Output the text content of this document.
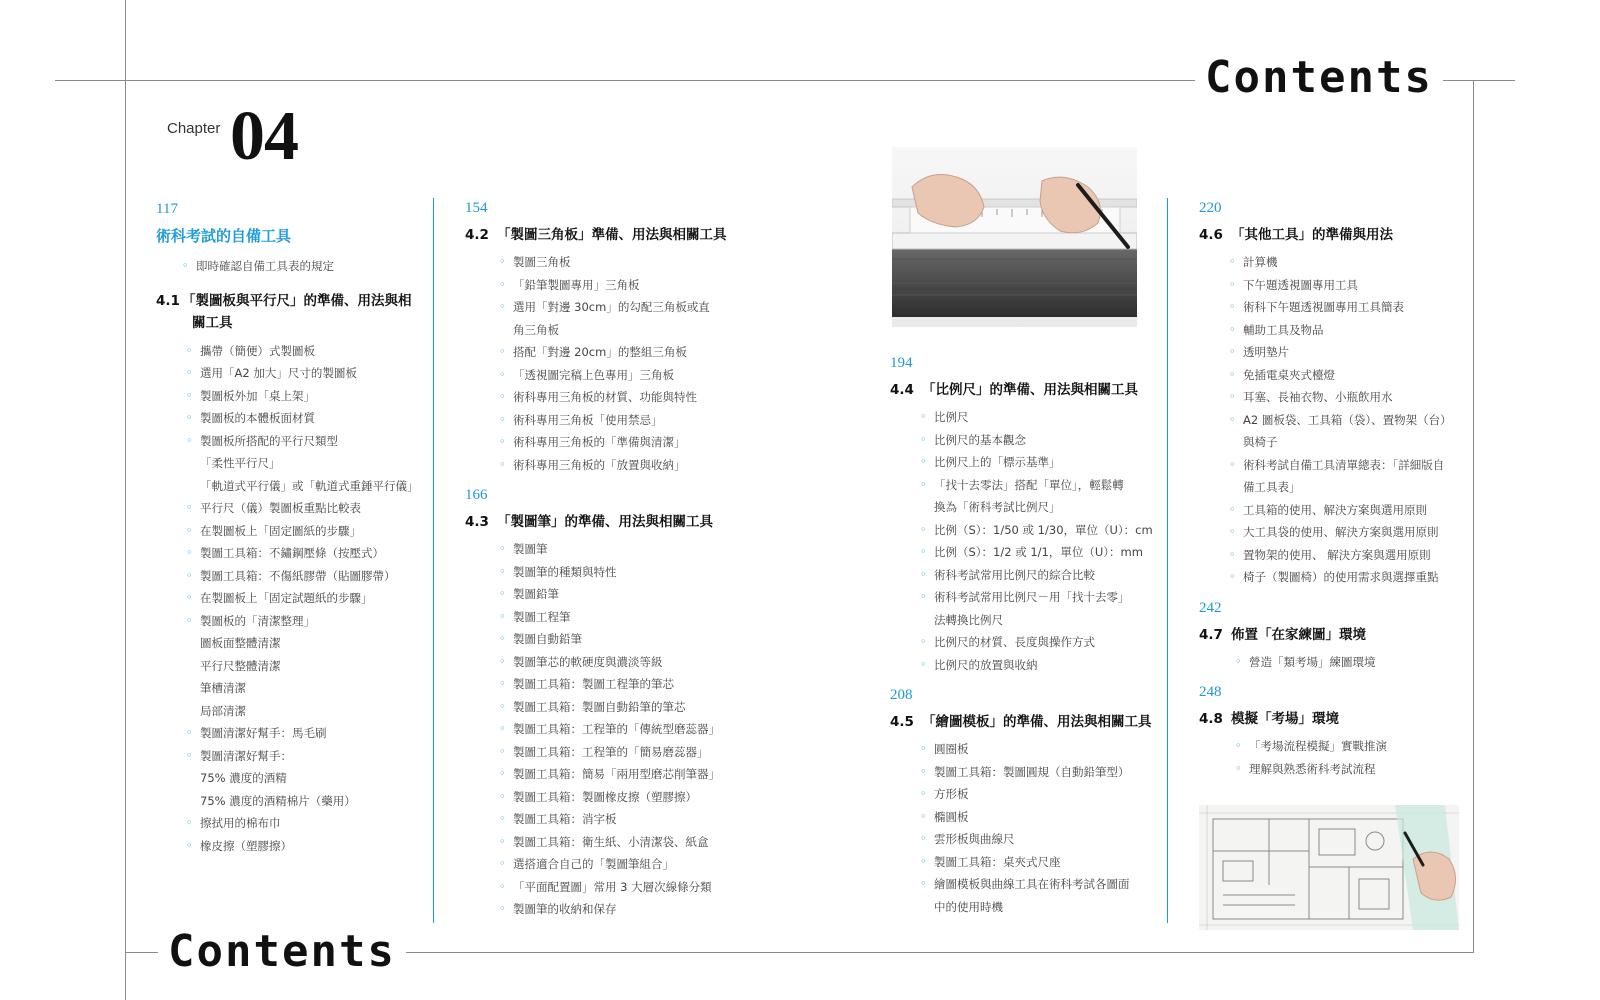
Contents
Contents
Chapter 04
117
術科考試的自備工具
◦ 即時確認自備工具表的規定
4.1 「製圖板與平行尺」的準備、用法與相
關工具
◦ 攜帶（簡便）式製圖板
◦ 選用「A2 加大」尺寸的製圖板
◦ 製圖板外加「桌上架」
◦ 製圖板的本體板面材質
◦ 製圖板所搭配的平行尺類型
「柔性平行尺」
「軌道式平行儀」或「軌道式重錘平行儀」
◦ 平行尺（儀）製圖板重點比較表
◦ 在製圖板上「固定圖紙的步驟」
◦ 製圖工具箱：不鏽鋼壓條（按壓式）
◦ 製圖工具箱：不傷紙膠帶（貼圖膠帶）
◦ 在製圖板上「固定試題紙的步驟」
◦ 製圖板的「清潔整理」
圖板面整體清潔
平行尺整體清潔
筆槽清潔
局部清潔
◦ 製圖清潔好幫手：馬毛刷
◦ 製圖清潔好幫手：
75% 濃度的酒精
75% 濃度的酒精棉片（藥用）
◦ 擦拭用的棉布巾
◦ 橡皮擦（塑膠擦）
154
4.2 「製圖三角板」準備、用法與相關工具
◦ 製圖三角板
◦ 「鉛筆製圖專用」三角板
◦ 選用「對邊 30cm」的勾配三角板或直
角三角板
◦ 搭配「對邊 20cm」的整組三角板
◦ 「透視圖完稿上色專用」三角板
◦ 術科專用三角板的材質、功能與特性
◦ 術科專用三角板「使用禁忌」
◦ 術科專用三角板的「準備與清潔」
◦ 術科專用三角板的「放置與收納」
166
4.3 「製圖筆」的準備、用法與相關工具
◦ 製圖筆
◦ 製圖筆的種類與特性
◦ 製圖鉛筆
◦ 製圖工程筆
◦ 製圖自動鉛筆
◦ 製圖筆芯的軟硬度與濃淡等級
◦ 製圖工具箱：製圖工程筆的筆芯
◦ 製圖工具箱：製圖自動鉛筆的筆芯
◦ 製圖工具箱：工程筆的「傳統型磨蕊器」
◦ 製圖工具箱：工程筆的「簡易磨蕊器」
◦ 製圖工具箱：簡易「兩用型磨芯削筆器」
◦ 製圖工具箱：製圖橡皮擦（塑膠擦）
◦ 製圖工具箱：消字板
◦ 製圖工具箱：衛生紙、小清潔袋、紙盒
◦ 選搭適合自己的「製圖筆組合」
◦ 「平面配置圖」常用 3 大層次線條分類
◦ 製圖筆的收納和保存
194
4.4 「比例尺」的準備、用法與相關工具
◦ 比例尺
◦ 比例尺的基本觀念
◦ 比例尺上的「標示基準」
◦ 「找十去零法」搭配「單位」，輕鬆轉
換為「術科考試比例尺」
◦ 比例（S）：1/50 或 1/30，單位（U）：cm
◦ 比例（S）：1/2 或 1/1，單位（U）：mm
◦ 術科考試常用比例尺的綜合比較
◦ 術科考試常用比例尺－用「找十去零」
法轉換比例尺
◦ 比例尺的材質、長度與操作方式
◦ 比例尺的放置與收納
208
4.5 「繪圖模板」的準備、用法與相關工具
◦ 圓圈板
◦ 製圖工具箱：製圖圓規（自動鉛筆型）
◦ 方形板
◦ 橢圓板
◦ 雲形板與曲線尺
◦ 製圖工具箱：桌夾式尺座
◦ 繪圖模板與曲線工具在術科考試各圖面
中的使用時機
220
4.6 「其他工具」的準備與用法
◦ 計算機
◦ 下午題透視圖專用工具
◦ 術科下午題透視圖專用工具簡表
◦ 輔助工具及物品
◦ 透明墊片
◦ 免插電桌夾式檯燈
◦ 耳塞、長袖衣物、小瓶飲用水
◦ A2 圖板袋、工具箱（袋）、置物架（台）
與椅子
◦ 術科考試自備工具清單總表：「詳細版自
備工具表」
◦ 工具箱的使用、解決方案與選用原則
◦ 大工具袋的使用、解決方案與選用原則
◦ 置物架的使用、 解決方案與選用原則
◦ 椅子（製圖椅）的使用需求與選擇重點
242
4.7 佈置「在家練圖」環境
◦ 營造「類考場」練圖環境
248
4.8 模擬「考場」環境
◦ 「考場流程模擬」實戰推演
◦ 理解與熟悉術科考試流程
